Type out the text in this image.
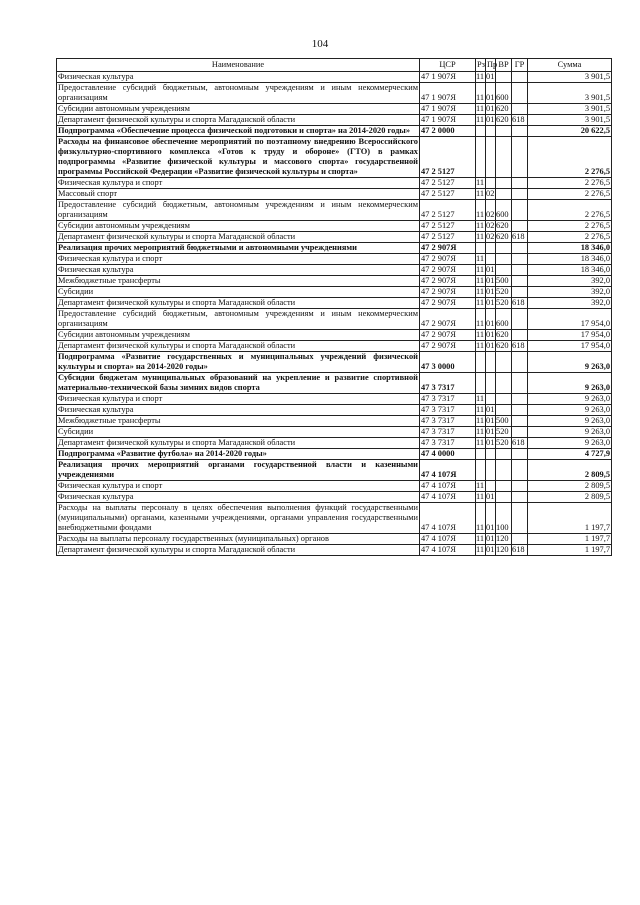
104
Наименование	ЦСР	Рз	Пр	ВР	ГР	Сумма
Физическая культура	47 1 907Я	11	01			3 901,5
Предоставление субсидий бюджетным, автономным учреждениям и иным некоммерческим организациям	47 1 907Я	11	01	600		3 901,5
Субсидии автономным учреждениям	47 1 907Я	11	01	620		3 901,5
Департамент физической культуры и спорта Магаданской области	47 1 907Я	11	01	620	618	3 901,5
Подпрограмма «Обеспечение процесса физической подготовки и спорта» на 2014-2020 годы»	47 2 0000					20 622,5
Расходы на финансовое обеспечение мероприятий по поэтапному внедрению Всероссийского физкультурно-спортивного комплекса «Готов к труду и обороне» (ГТО) в рамках подпрограммы «Развитие физической культуры и массового спорта» государственной программы Российской Федерации «Развитие физической культуры и спорта»	47 2 5127					2 276,5
Физическая культура и спорт	47 2 5127	11				2 276,5
Массовый спорт	47 2 5127	11	02			2 276,5
Предоставление субсидий бюджетным, автономным учреждениям и иным некоммерческим организациям	47 2 5127	11	02	600		2 276,5
Субсидии автономным учреждениям	47 2 5127	11	02	620		2 276,5
Департамент физической культуры и спорта Магаданской области	47 2 5127	11	02	620	618	2 276,5
Реализация прочих мероприятий бюджетными и автономными учреждениями	47 2 907Я					18 346,0
Физическая культура и спорт	47 2 907Я	11				18 346,0
Физическая культура	47 2 907Я	11	01			18 346,0
Межбюджетные трансферты	47 2 907Я	11	01	500		392,0
Субсидии	47 2 907Я	11	01	520		392,0
Департамент физической культуры и спорта Магаданской области	47 2 907Я	11	01	520	618	392,0
Предоставление субсидий бюджетным, автономным учреждениям и иным некоммерческим организациям	47 2 907Я	11	01	600		17 954,0
Субсидии автономным учреждениям	47 2 907Я	11	01	620		17 954,0
Департамент физической культуры и спорта Магаданской области	47 2 907Я	11	01	620	618	17 954,0
Подпрограмма «Развитие государственных и муниципальных учреждений физической культуры и спорта» на 2014-2020 годы»	47 3 0000					9 263,0
Субсидии бюджетам муниципальных образований на укрепление и развитие спортивной материально-технической базы зимних видов спорта	47 3 7317					9 263,0
Физическая культура и спорт	47 3 7317	11				9 263,0
Физическая культура	47 3 7317	11	01			9 263,0
Межбюджетные трансферты	47 3 7317	11	01	500		9 263,0
Субсидии	47 3 7317	11	01	520		9 263,0
Департамент физической культуры и спорта Магаданской области	47 3 7317	11	01	520	618	9 263,0
Подпрограмма «Развитие футбола» на 2014-2020 годы»	47 4 0000					4 727,9
Реализация прочих мероприятий органами государственной власти и казенными учреждениями	47 4 107Я					2 809,5
Физическая культура и спорт	47 4 107Я	11				2 809,5
Физическая культура	47 4 107Я	11	01			2 809,5
Расходы на выплаты персоналу в целях обеспечения выполнения функций государственными (муниципальными) органами, казенными учреждениями, органами управления государственными внебюджетными фондами	47 4 107Я	11	01	100		1 197,7
Расходы на выплаты персоналу государственных (муниципальных) органов	47 4 107Я	11	01	120		1 197,7
Департамент физической культуры и спорта Магаданской области	47 4 107Я	11	01	120	618	1 197,7
